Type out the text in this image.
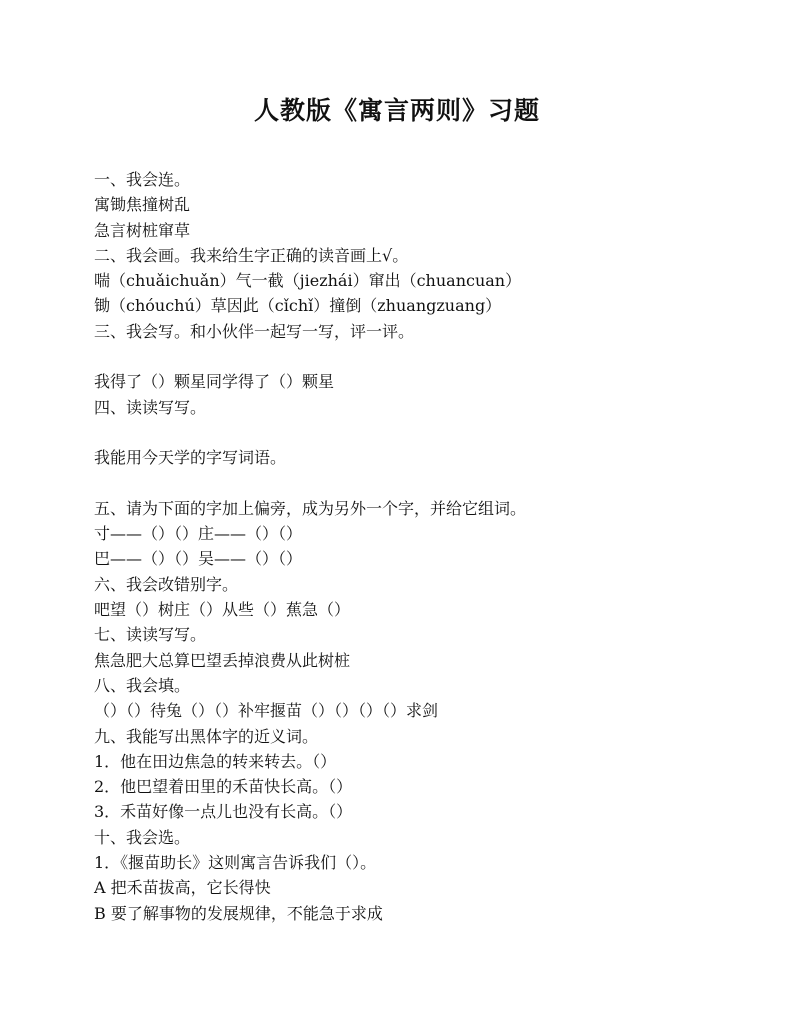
人教版《寓言两则》习题
一、我会连。
寓锄焦撞树乱
急言树桩窜草
二、我会画。我来给生字正确的读音画上√。
喘（chuǎichuǎn）气一截（jiezhái）窜出（chuancuan）
锄（chóuchú）草因此（cǐchǐ）撞倒（zhuangzuang）
三、我会写。和小伙伴一起写一写，评一评。
我得了（）颗星同学得了（）颗星
四、读读写写。
我能用今天学的字写词语。
五、请为下面的字加上偏旁，成为另外一个字，并给它组词。
寸——（）（）庄——（）（）
巴——（）（）吴——（）（）
六、我会改错别字。
吧望（）树庄（）从些（）蕉急（）
七、读读写写。
焦急肥大总算巴望丢掉浪费从此树桩
八、我会填。
（）（）待兔（）（）补牢揠苗（）（）（）（）求剑
九、我能写出黑体字的近义词。
1．他在田边焦急的转来转去。（）
2．他巴望着田里的禾苗快长高。（）
3．禾苗好像一点儿也没有长高。（）
十、我会选。
1．《揠苗助长》这则寓言告诉我们（）。
A 把禾苗拔高，它长得快
B 要了解事物的发展规律，不能急于求成
